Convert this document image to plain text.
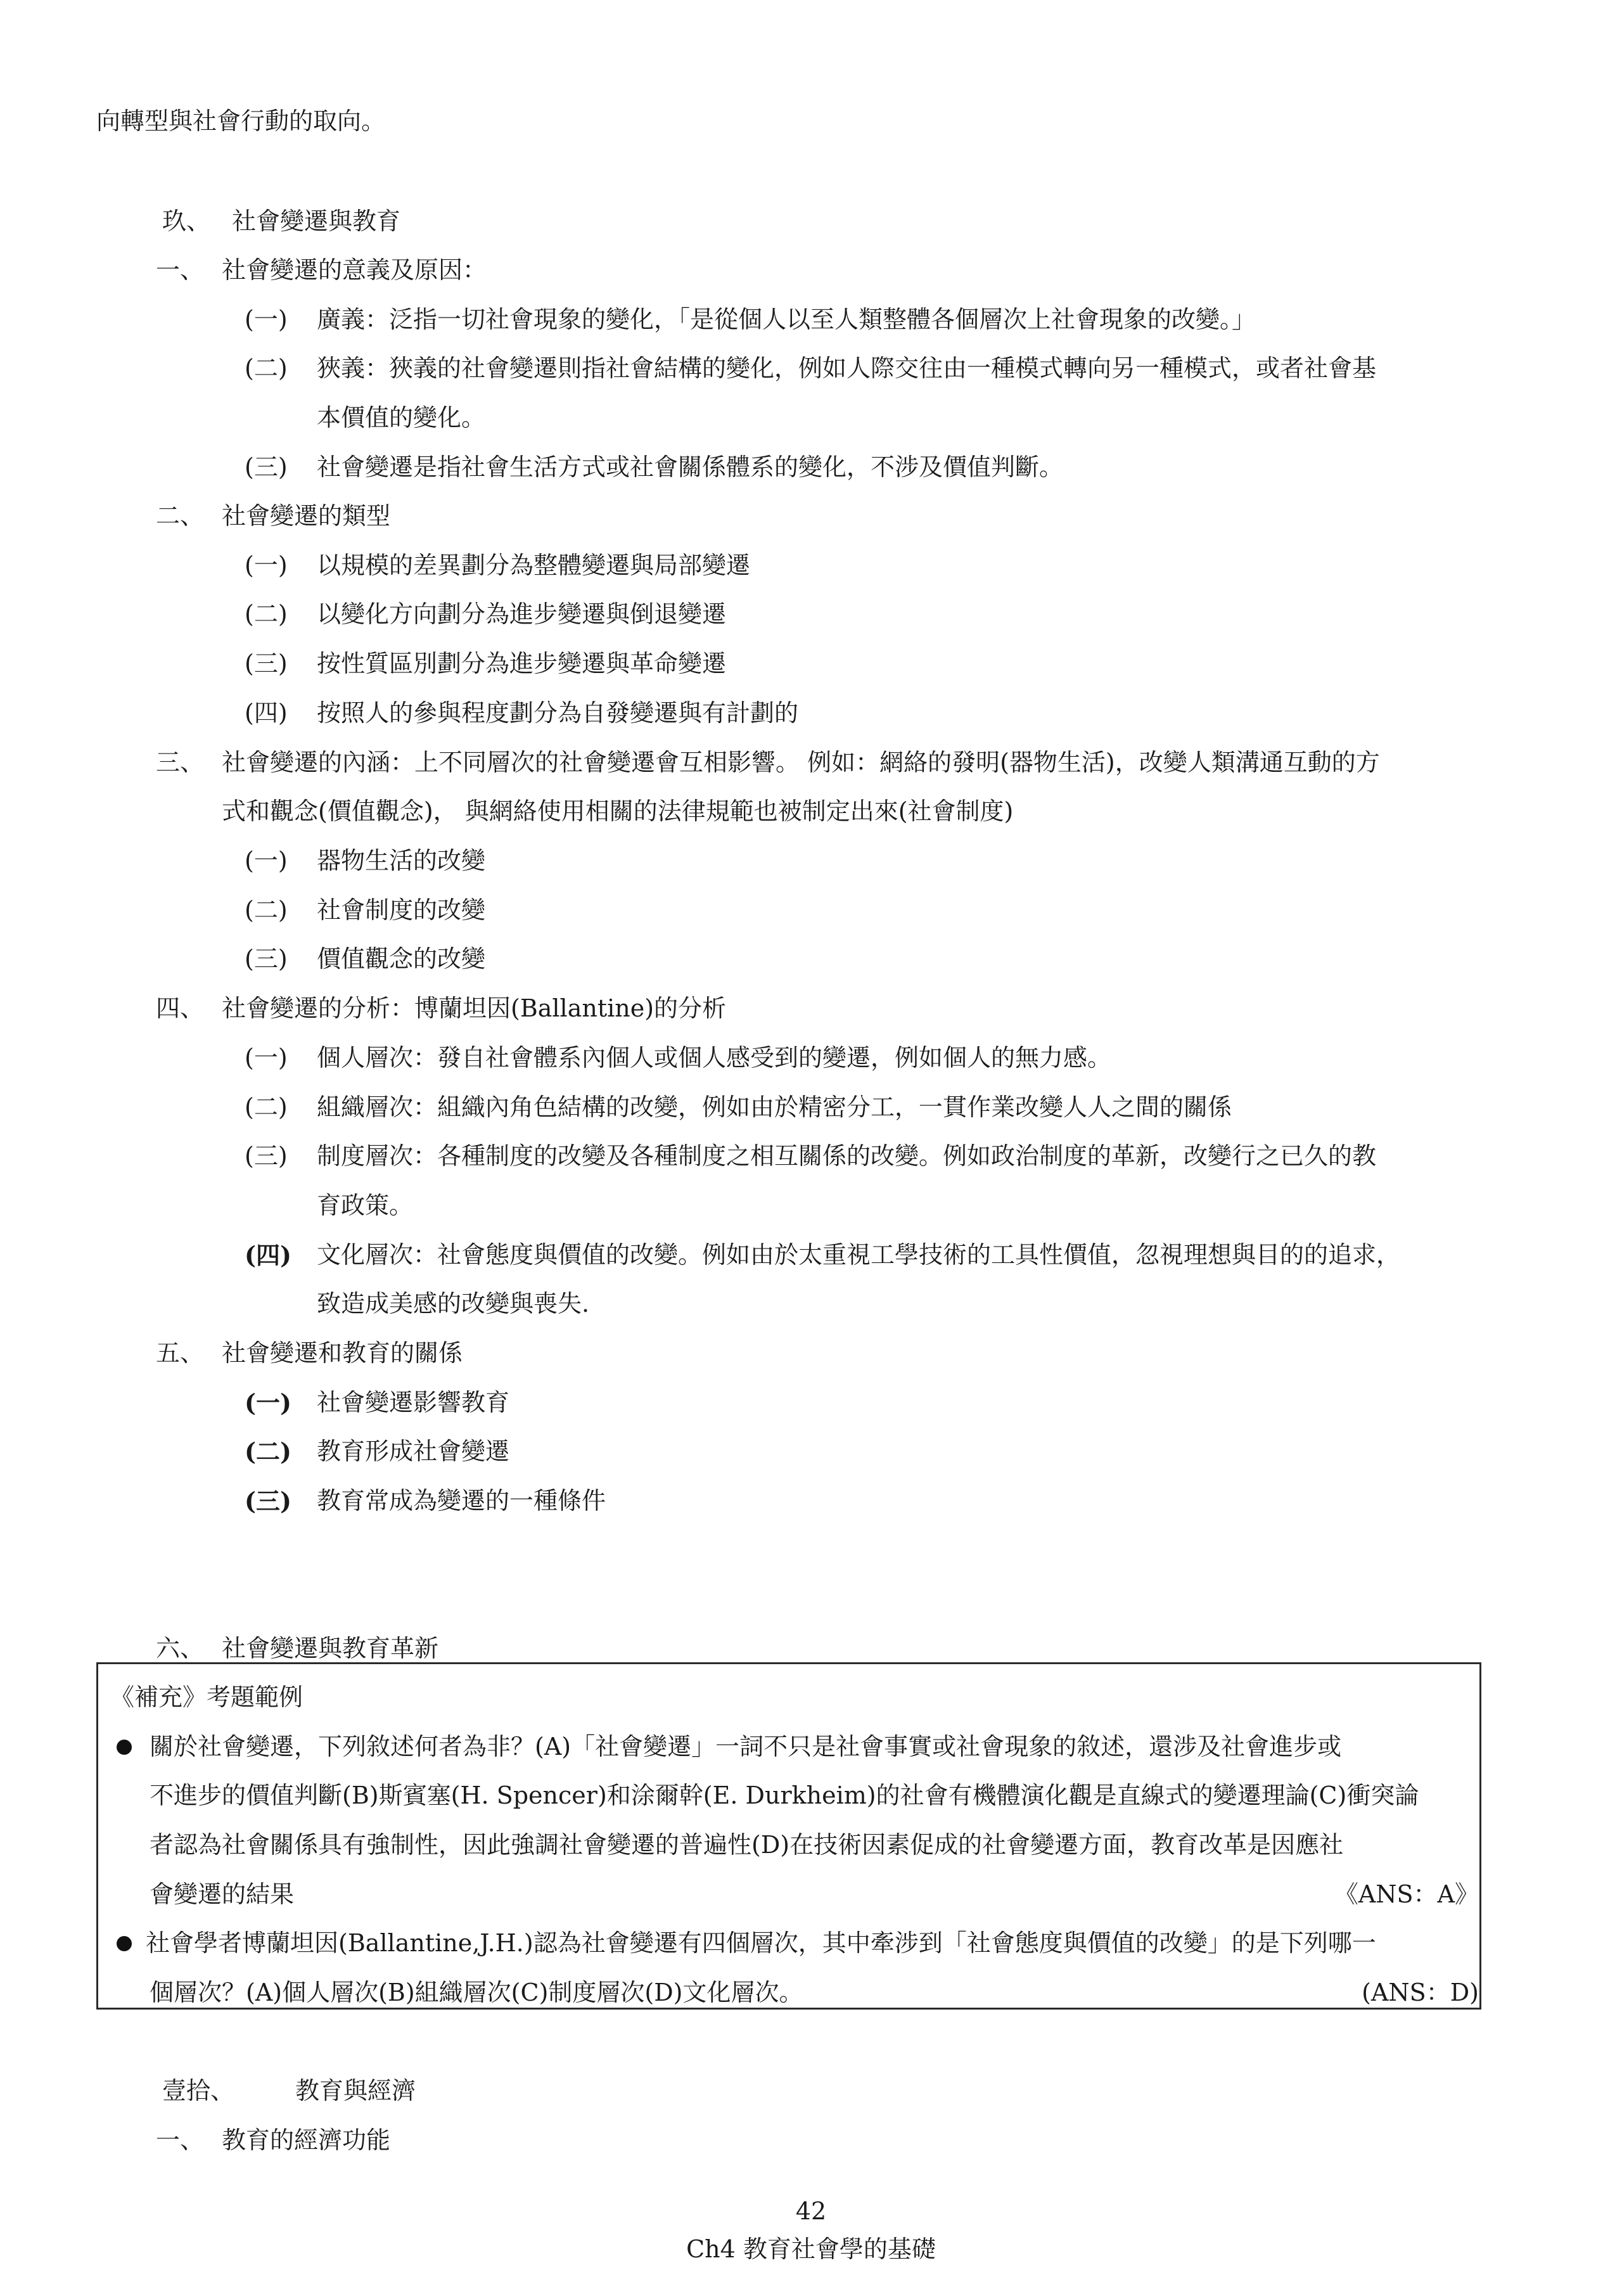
向轉型與社會行動的取向。
玖、 社會變遷與教育
一、 社會變遷的意義及原因：
(一) 廣義：泛指一切社會現象的變化，「是從個人以至人類整體各個層次上社會現象的改變。」
(二) 狹義：狹義的社會變遷則指社會結構的變化，例如人際交往由一種模式轉向另一種模式，或者社會基
本價值的變化。
(三) 社會變遷是指社會生活方式或社會關係體系的變化，不涉及價值判斷。
二、 社會變遷的類型
(一) 以規模的差異劃分為整體變遷與局部變遷
(二) 以變化方向劃分為進步變遷與倒退變遷
(三) 按性質區別劃分為進步變遷與革命變遷
(四) 按照人的參與程度劃分為自發變遷與有計劃的
三、 社會變遷的內涵：上不同層次的社會變遷會互相影響。 例如：網絡的發明(器物生活)，改變人類溝通互動的方
式和觀念(價值觀念)， 與網絡使用相關的法律規範也被制定出來(社會制度)
(一) 器物生活的改變
(二) 社會制度的改變
(三) 價值觀念的改變
四、 社會變遷的分析：博蘭坦因(Ballantine)的分析
(一) 個人層次：發自社會體系內個人或個人感受到的變遷，例如個人的無力感。
(二) 組織層次：組織內角色結構的改變，例如由於精密分工，一貫作業改變人人之間的關係
(三) 制度層次：各種制度的改變及各種制度之相互關係的改變。例如政治制度的革新，改變行之已久的教
育政策。
(四) 文化層次：社會態度與價值的改變。例如由於太重視工學技術的工具性價值，忽視理想與目的的追求，
致造成美感的改變與喪失.
五、 社會變遷和教育的關係
(一) 社會變遷影響教育
(二) 教育形成社會變遷
(三) 教育常成為變遷的一種條件
六、 社會變遷與教育革新
《補充》考題範例
關於社會變遷，下列敘述何者為非？(A)「社會變遷」一詞不只是社會事實或社會現象的敘述，還涉及社會進步或
不進步的價值判斷(B)斯賓塞(H. Spencer)和涂爾幹(E. Durkheim)的社會有機體演化觀是直線式的變遷理論(C)衝突論
者認為社會關係具有強制性，因此強調社會變遷的普遍性(D)在技術因素促成的社會變遷方面，教育改革是因應社
會變遷的結果	《ANS：A》
社會學者博蘭坦因(Ballantine,J.H.)認為社會變遷有四個層次，其中牽涉到「社會態度與價值的改變」的是下列哪一
個層次？(A)個人層次(B)組織層次(C)制度層次(D)文化層次。	(ANS：D)
壹拾、	教育與經濟
一、 教育的經濟功能
42
Ch4 教育社會學的基礎
